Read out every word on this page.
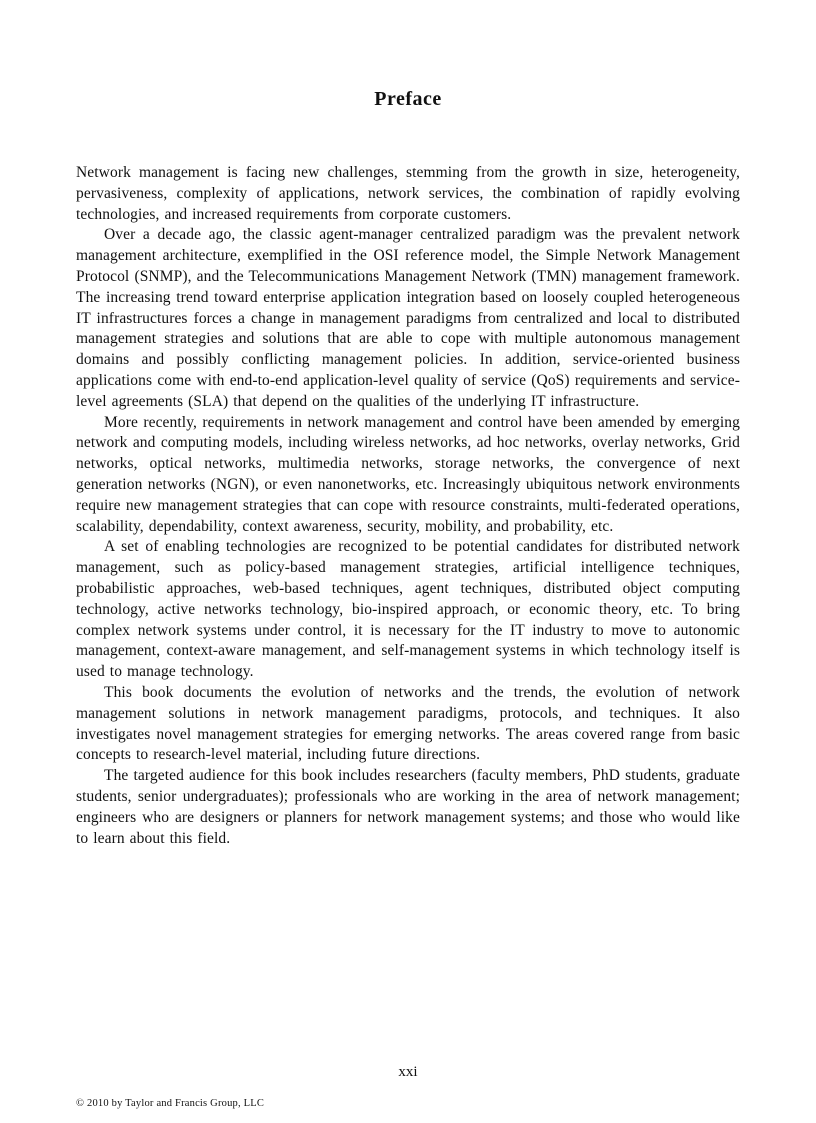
Preface

Network management is facing new challenges, stemming from the growth in size, heterogeneity, pervasiveness, complexity of applications, network services, the combination of rapidly evolving technologies, and increased requirements from corporate customers.

Over a decade ago, the classic agent-manager centralized paradigm was the prevalent network management architecture, exemplified in the OSI reference model, the Simple Network Management Protocol (SNMP), and the Telecommunications Management Network (TMN) management framework. The increasing trend toward enterprise application integration based on loosely coupled heterogeneous IT infrastructures forces a change in management paradigms from centralized and local to distributed management strategies and solutions that are able to cope with multiple autonomous management domains and possibly conflicting management policies. In addition, service-oriented business applications come with end-to-end application-level quality of service (QoS) requirements and service-level agreements (SLA) that depend on the qualities of the underlying IT infrastructure.

More recently, requirements in network management and control have been amended by emerging network and computing models, including wireless networks, ad hoc networks, overlay networks, Grid networks, optical networks, multimedia networks, storage networks, the convergence of next generation networks (NGN), or even nanonetworks, etc. Increasingly ubiquitous network environments require new management strategies that can cope with resource constraints, multi-federated operations, scalability, dependability, context awareness, security, mobility, and probability, etc.

A set of enabling technologies are recognized to be potential candidates for distributed network management, such as policy-based management strategies, artificial intelligence techniques, probabilistic approaches, web-based techniques, agent techniques, distributed object computing technology, active networks technology, bio-inspired approach, or economic theory, etc. To bring complex network systems under control, it is necessary for the IT industry to move to autonomic management, context-aware management, and self-management systems in which technology itself is used to manage technology.

This book documents the evolution of networks and the trends, the evolution of network management solutions in network management paradigms, protocols, and techniques. It also investigates novel management strategies for emerging networks. The areas covered range from basic concepts to research-level material, including future directions.

The targeted audience for this book includes researchers (faculty members, PhD students, graduate students, senior undergraduates); professionals who are working in the area of network management; engineers who are designers or planners for network management systems; and those who would like to learn about this field.

xxi
© 2010 by Taylor and Francis Group, LLC
